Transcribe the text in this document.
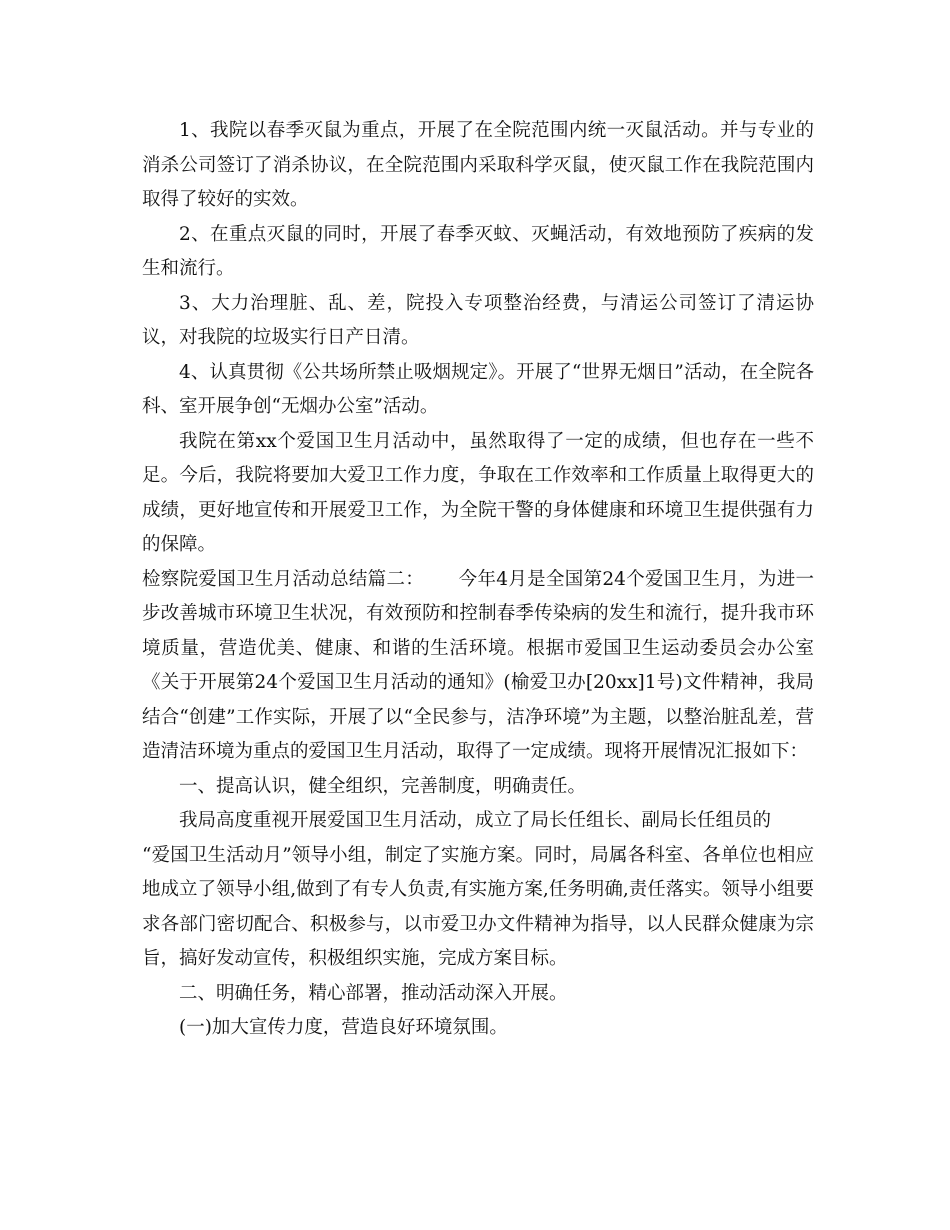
1、我院以春季灭鼠为重点，开展了在全院范围内统一灭鼠活动。并与专业的消杀公司签订了消杀协议，在全院范围内采取科学灭鼠，使灭鼠工作在我院范围内取得了较好的实效。

2、在重点灭鼠的同时，开展了春季灭蚊、灭蝇活动，有效地预防了疾病的发生和流行。

3、大力治理脏、乱、差，院投入专项整治经费，与清运公司签订了清运协议，对我院的垃圾实行日产日清。

4、认真贯彻《公共场所禁止吸烟规定》。开展了“世界无烟日”活动，在全院各科、室开展争创“无烟办公室”活动。

我院在第xx个爱国卫生月活动中，虽然取得了一定的成绩，但也存在一些不足。今后，我院将要加大爱卫工作力度，争取在工作效率和工作质量上取得更大的成绩，更好地宣传和开展爱卫工作，为全院干警的身体健康和环境卫生提供强有力的保障。

检察院爱国卫生月活动总结篇二：　　 今年4月是全国第24个爱国卫生月，为进一步改善城市环境卫生状况，有效预防和控制春季传染病的发生和流行，提升我市环境质量，营造优美、健康、和谐的生活环境。根据市爱国卫生运动委员会办公室《关于开展第24个爱国卫生月活动的通知》(榆爱卫办[20xx]1号)文件精神，我局结合“创建”工作实际，开展了以“全民参与，洁净环境”为主题，以整治脏乱差，营造清洁环境为重点的爱国卫生月活动，取得了一定成绩。现将开展情况汇报如下：

一、提高认识，健全组织，完善制度，明确责任。

我局高度重视开展爱国卫生月活动，成立了局长任组长、副局长任组员的

“爱国卫生活动月”领导小组，制定了实施方案。同时，局属各科室、各单位也相应地成立了领导小组,做到了有专人负责,有实施方案,任务明确,责任落实。领导小组要求各部门密切配合、积极参与，以市爱卫办文件精神为指导，以人民群众健康为宗旨，搞好发动宣传，积极组织实施，完成方案目标。

二、明确任务，精心部署，推动活动深入开展。

(一)加大宣传力度，营造良好环境氛围。
